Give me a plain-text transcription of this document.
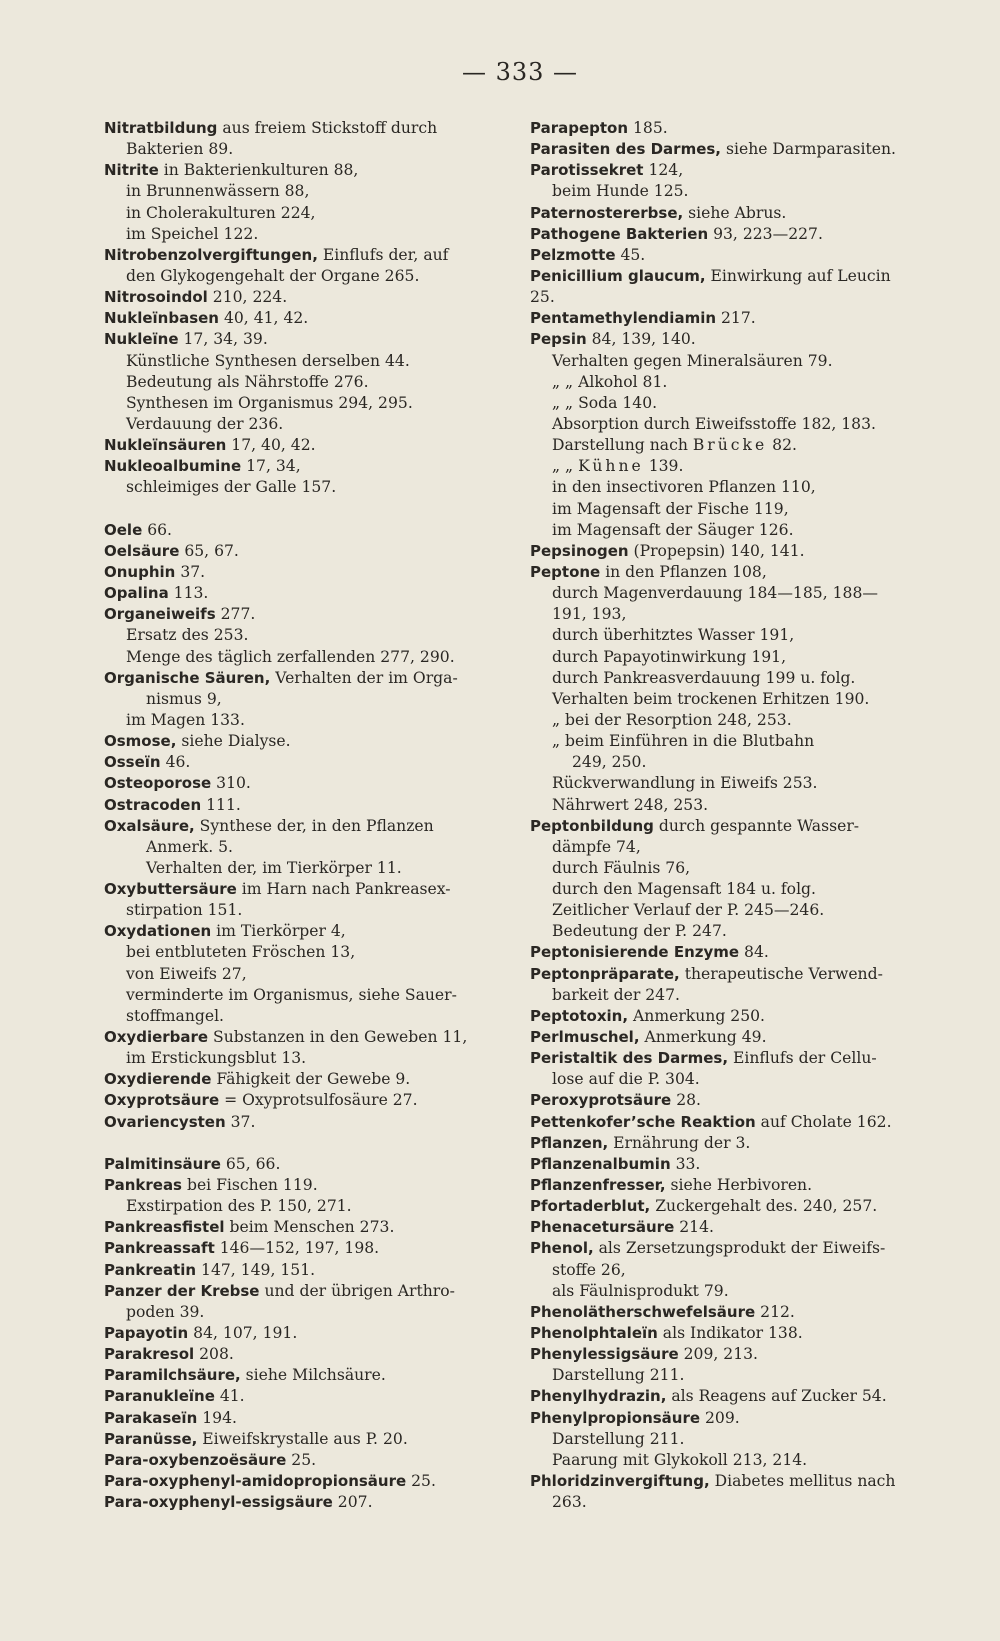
— 333 —
Nitratbildung aus freiem Stickstoff durch
Bakterien 89.
Nitrite in Bakterienkulturen 88,
in Brunnenwässern 88,
in Cholerakulturen 224,
im Speichel 122.
Nitrobenzolvergiftungen, Einflufs der, auf
den Glykogengehalt der Organe 265.
Nitrosoindol 210, 224.
Nukleïnbasen 40, 41, 42.
Nukleïne 17, 34, 39.
Künstliche Synthesen derselben 44.
Bedeutung als Nährstoffe 276.
Synthesen im Organismus 294, 295.
Verdauung der 236.
Nukleïnsäuren 17, 40, 42.
Nukleoalbumine 17, 34,
schleimiges der Galle 157.
Oele 66.
Oelsäure 65, 67.
Onuphin 37.
Opalina 113.
Organeiweifs 277.
Ersatz des 253.
Menge des täglich zerfallenden 277, 290.
Organische Säuren, Verhalten der im Orga-
nismus 9,
im Magen 133.
Osmose, siehe Dialyse.
Osseïn 46.
Osteoporose 310.
Ostracoden 111.
Oxalsäure, Synthese der, in den Pflanzen
Anmerk. 5.
Verhalten der, im Tierkörper 11.
Oxybuttersäure im Harn nach Pankreasex-
stirpation 151.
Oxydationen im Tierkörper 4,
bei entbluteten Fröschen 13,
von Eiweifs 27,
verminderte im Organismus, siehe Sauer-
stoffmangel.
Oxydierbare Substanzen in den Geweben 11,
im Erstickungsblut 13.
Oxydierende Fähigkeit der Gewebe 9.
Oxyprotsäure = Oxyprotsulfosäure 27.
Ovariencysten 37.
Palmitinsäure 65, 66.
Pankreas bei Fischen 119.
Exstirpation des P. 150, 271.
Pankreasfistel beim Menschen 273.
Pankreassaft 146—152, 197, 198.
Pankreatin 147, 149, 151.
Panzer der Krebse und der übrigen Arthro-
poden 39.
Papayotin 84, 107, 191.
Parakresol 208.
Paramilchsäure, siehe Milchsäure.
Paranukleïne 41.
Parakaseïn 194.
Paranüsse, Eiweifskrystalle aus P. 20.
Para-oxybenzoësäure 25.
Para-oxyphenyl-amidopropionsäure 25.
Para-oxyphenyl-essigsäure 207.
Parapepton 185.
Parasiten des Darmes, siehe Darmparasiten.
Parotissekret 124,
beim Hunde 125.
Paternostererbse, siehe Abrus.
Pathogene Bakterien 93, 223—227.
Pelzmotte 45.
Penicillium glaucum, Einwirkung auf Leucin
25.
Pentamethylendiamin 217.
Pepsin 84, 139, 140.
Verhalten gegen Mineralsäuren 79.
„ „ Alkohol 81.
„ „ Soda 140.
Absorption durch Eiweifsstoffe 182, 183.
Darstellung nach Brücke 82.
„ „ Kühne 139.
in den insectivoren Pflanzen 110,
im Magensaft der Fische 119,
im Magensaft der Säuger 126.
Pepsinogen (Propepsin) 140, 141.
Peptone in den Pflanzen 108,
durch Magenverdauung 184—185, 188—
191, 193,
durch überhitztes Wasser 191,
durch Papayotinwirkung 191,
durch Pankreasverdauung 199 u. folg.
Verhalten beim trockenen Erhitzen 190.
„ bei der Resorption 248, 253.
„ beim Einführen in die Blutbahn
249, 250.
Rückverwandlung in Eiweifs 253.
Nährwert 248, 253.
Peptonbildung durch gespannte Wasser-
dämpfe 74,
durch Fäulnis 76,
durch den Magensaft 184 u. folg.
Zeitlicher Verlauf der P. 245—246.
Bedeutung der P. 247.
Peptonisierende Enzyme 84.
Peptonpräparate, therapeutische Verwend-
barkeit der 247.
Peptotoxin, Anmerkung 250.
Perlmuschel, Anmerkung 49.
Peristaltik des Darmes, Einflufs der Cellu-
lose auf die P. 304.
Peroxyprotsäure 28.
Pettenkofer’sche Reaktion auf Cholate 162.
Pflanzen, Ernährung der 3.
Pflanzenalbumin 33.
Pflanzenfresser, siehe Herbivoren.
Pfortaderblut, Zuckergehalt des. 240, 257.
Phenacetursäure 214.
Phenol, als Zersetzungsprodukt der Eiweifs-
stoffe 26,
als Fäulnisprodukt 79.
Phenolätherschwefelsäure 212.
Phenolphtaleïn als Indikator 138.
Phenylessigsäure 209, 213.
Darstellung 211.
Phenylhydrazin, als Reagens auf Zucker 54.
Phenylpropionsäure 209.
Darstellung 211.
Paarung mit Glykokoll 213, 214.
Phloridzinvergiftung, Diabetes mellitus nach
263.
